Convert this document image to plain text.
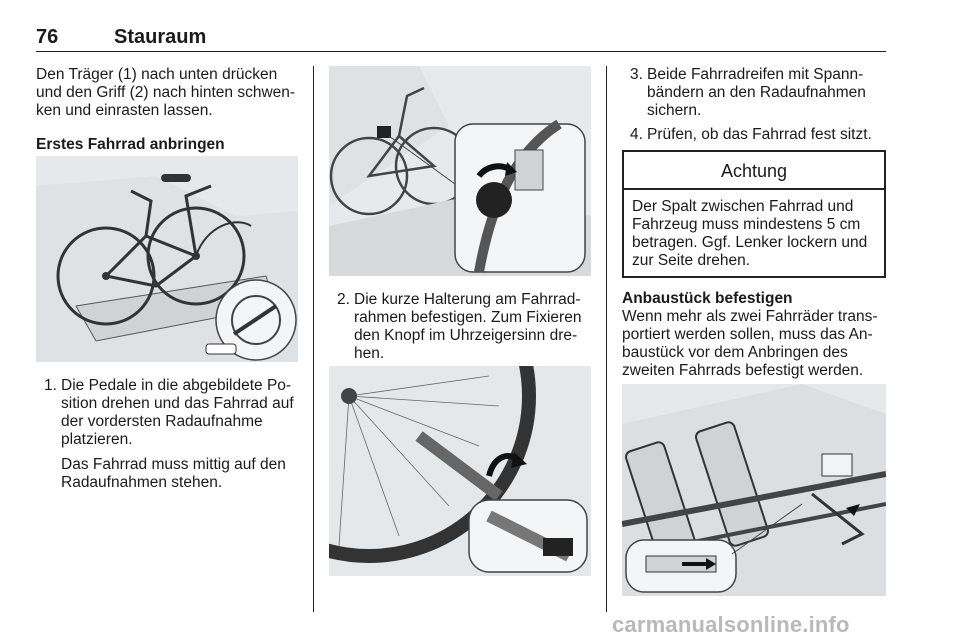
76	Stauraum
Den Träger (1) nach unten drücken
und den Griff (2) nach hinten schwen-
ken und einrasten lassen.
Erstes Fahrrad anbringen
1. Die Pedale in die abgebildete Po-
sition drehen und das Fahrrad auf
der vordersten Radaufnahme
platzieren.
Das Fahrrad muss mittig auf den
Radaufnahmen stehen.
2. Die kurze Halterung am Fahrrad-
rahmen befestigen. Zum Fixieren
den Knopf im Uhrzeigersinn dre-
hen.
3. Beide Fahrradreifen mit Spann-
bändern an den Radaufnahmen
sichern.
4. Prüfen, ob das Fahrrad fest sitzt.
Achtung
Der Spalt zwischen Fahrrad und
Fahrzeug muss mindestens 5 cm
betragen. Ggf. Lenker lockern und
zur Seite drehen.
Anbaustück befestigen
Wenn mehr als zwei Fahrräder trans-
portiert werden sollen, muss das An-
baustück vor dem Anbringen des
zweiten Fahrrads befestigt werden.
carmanualsonline.info
